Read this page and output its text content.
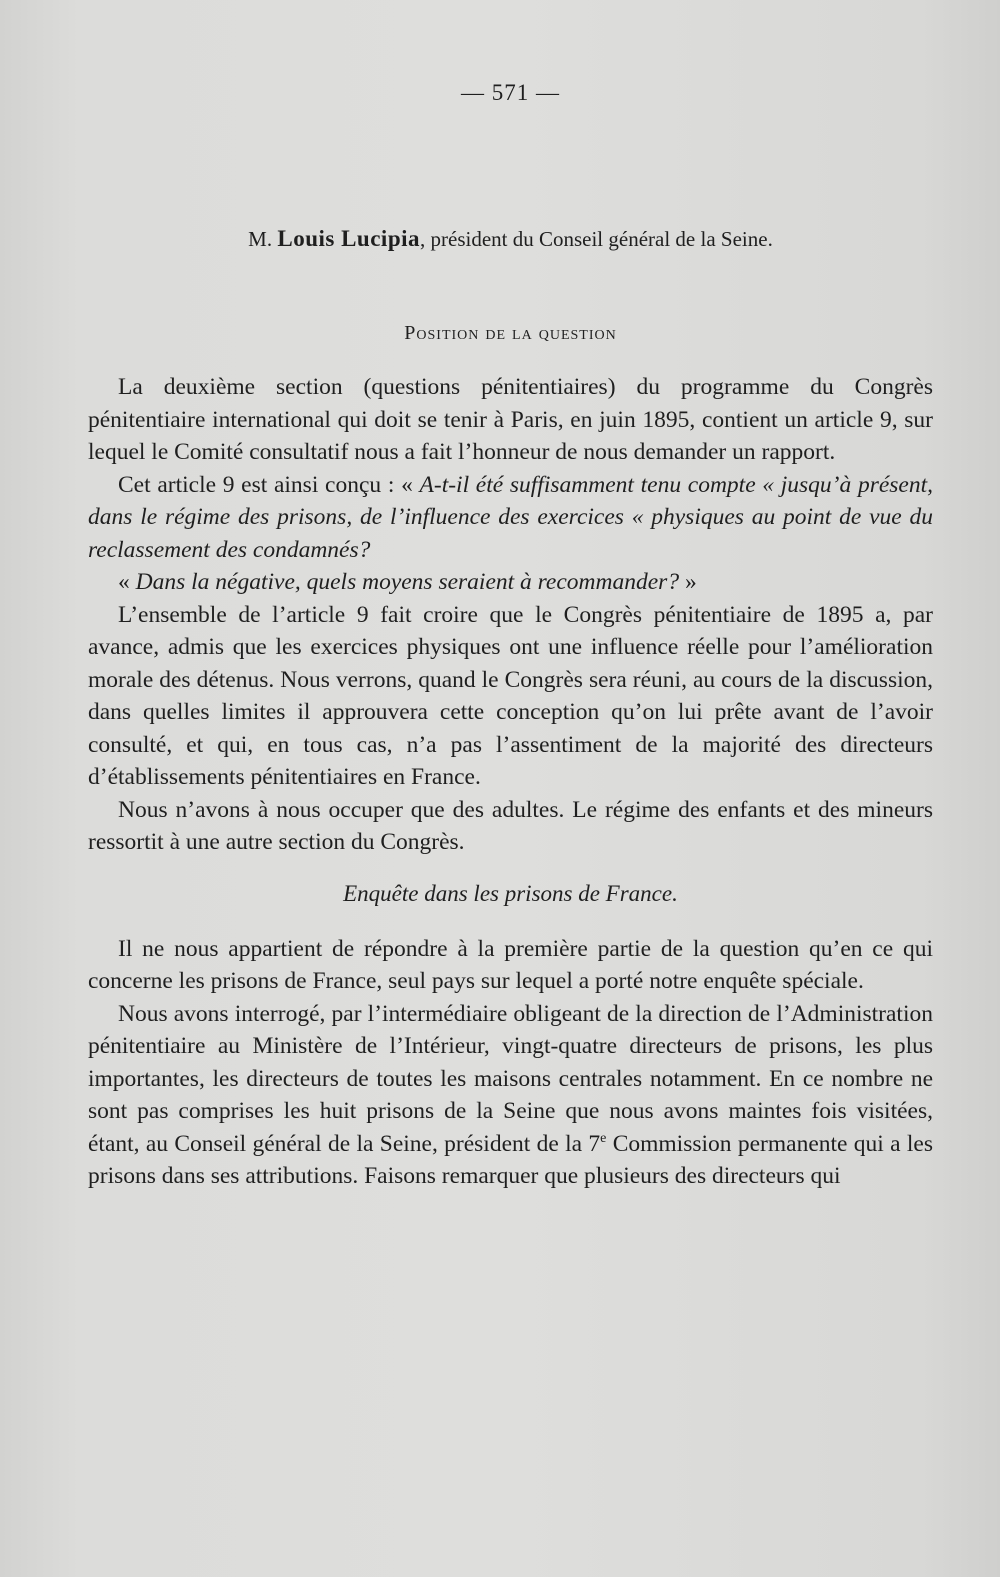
— 571 —
M. Louis Lucipia, président du Conseil général de la Seine.
Position de la question

La deuxième section (questions pénitentiaires) du programme du Congrès pénitentiaire international qui doit se tenir à Paris, en juin 1895, contient un article 9, sur lequel le Comité consultatif nous a fait l’honneur de nous demander un rapport.

Cet article 9 est ainsi conçu : « A-t-il été suffisamment tenu compte « jusqu’à présent, dans le régime des prisons, de l’influence des exercices « physiques au point de vue du reclassement des condamnés?

« Dans la négative, quels moyens seraient à recommander? »

L’ensemble de l’article 9 fait croire que le Congrès pénitentiaire de 1895 a, par avance, admis que les exercices physiques ont une influence réelle pour l’amélioration morale des détenus. Nous verrons, quand le Congrès sera réuni, au cours de la discussion, dans quelles limites il approuvera cette conception qu’on lui prête avant de l’avoir consulté, et qui, en tous cas, n’a pas l’assentiment de la majorité des directeurs d’établissements pénitentiaires en France.

Nous n’avons à nous occuper que des adultes. Le régime des enfants et des mineurs ressortit à une autre section du Congrès.

Enquête dans les prisons de France.

Il ne nous appartient de répondre à la première partie de la question qu’en ce qui concerne les prisons de France, seul pays sur lequel a porté notre enquête spéciale.

Nous avons interrogé, par l’intermédiaire obligeant de la direction de l’Administration pénitentiaire au Ministère de l’Intérieur, vingt-quatre directeurs de prisons, les plus importantes, les directeurs de toutes les maisons centrales notamment. En ce nombre ne sont pas comprises les huit prisons de la Seine que nous avons maintes fois visitées, étant, au Conseil général de la Seine, président de la 7e Commission permanente qui a les prisons dans ses attributions. Faisons remarquer que plusieurs des directeurs qui
